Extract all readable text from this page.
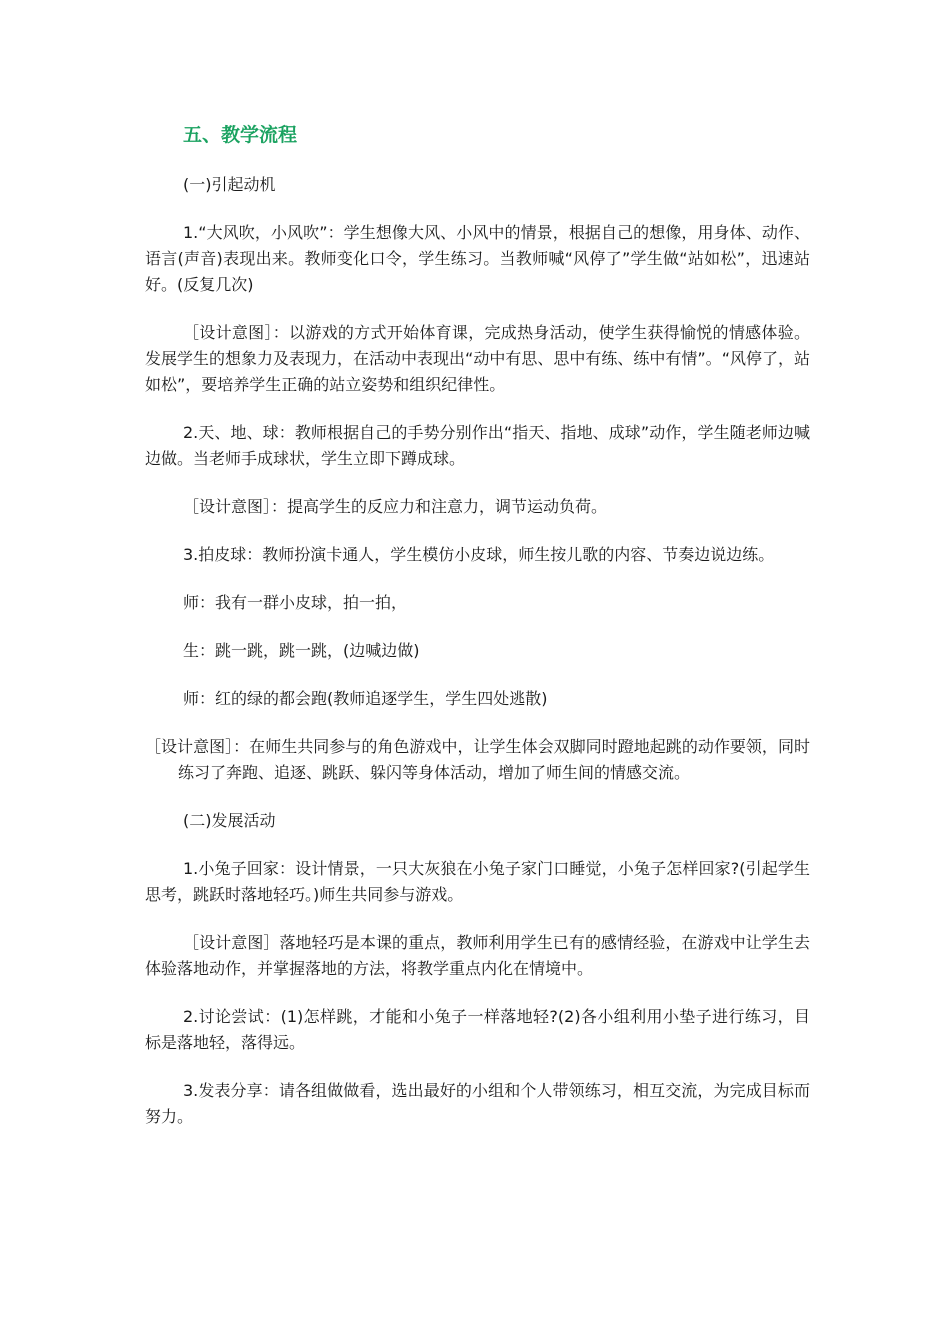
五、教学流程
(一)引起动机
1.“大风吹，小风吹”：学生想像大风、小风中的情景，根据自己的想像，用身体、动作、语言(声音)表现出来。教师变化口令，学生练习。当教师喊“风停了”学生做“站如松”，迅速站好。(反复几次)
［设计意图］：以游戏的方式开始体育课，完成热身活动，使学生获得愉悦的情感体验。发展学生的想象力及表现力，在活动中表现出“动中有思、思中有练、练中有情”。“风停了，站如松”，要培养学生正确的站立姿势和组织纪律性。
2.天、地、球：教师根据自己的手势分别作出“指天、指地、成球”动作，学生随老师边喊边做。当老师手成球状，学生立即下蹲成球。
［设计意图］：提高学生的反应力和注意力，调节运动负荷。
3.拍皮球：教师扮演卡通人，学生模仿小皮球，师生按儿歌的内容、节奏边说边练。
师：我有一群小皮球，拍一拍，
生：跳一跳，跳一跳，(边喊边做)
师：红的绿的都会跑(教师追逐学生，学生四处逃散)
［设计意图］：在师生共同参与的角色游戏中，让学生体会双脚同时蹬地起跳的动作要领，同时练习了奔跑、追逐、跳跃、躲闪等身体活动，增加了师生间的情感交流。
(二)发展活动
1.小兔子回家：设计情景，一只大灰狼在小兔子家门口睡觉，小兔子怎样回家?(引起学生思考，跳跃时落地轻巧。)师生共同参与游戏。
［设计意图］落地轻巧是本课的重点，教师利用学生已有的感情经验，在游戏中让学生去体验落地动作，并掌握落地的方法，将教学重点内化在情境中。
2.讨论尝试：(1)怎样跳，才能和小兔子一样落地轻?(2)各小组利用小垫子进行练习，目标是落地轻，落得远。
3.发表分享：请各组做做看，选出最好的小组和个人带领练习，相互交流，为完成目标而努力。
